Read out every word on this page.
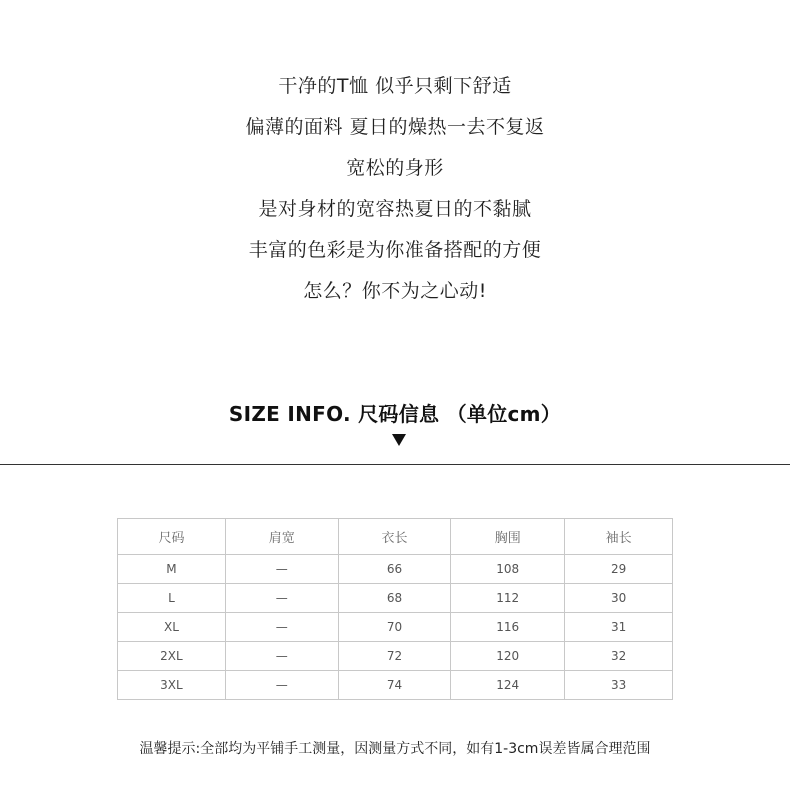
干净的T恤 似乎只剩下舒适
偏薄的面料 夏日的燥热一去不复返
宽松的身形
是对身材的宽容热夏日的不黏腻
丰富的色彩是为你准备搭配的方便
怎么？你不为之心动!
SIZE INFO. 尺码信息 （单位cm）
尺码	肩宽	衣长	胸围	袖长
M	—	66	108	29
L	—	68	112	30
XL	—	70	116	31
2XL	—	72	120	32
3XL	—	74	124	33
温馨提示:全部均为平铺手工测量，因测量方式不同，如有1-3cm误差皆属合理范围
